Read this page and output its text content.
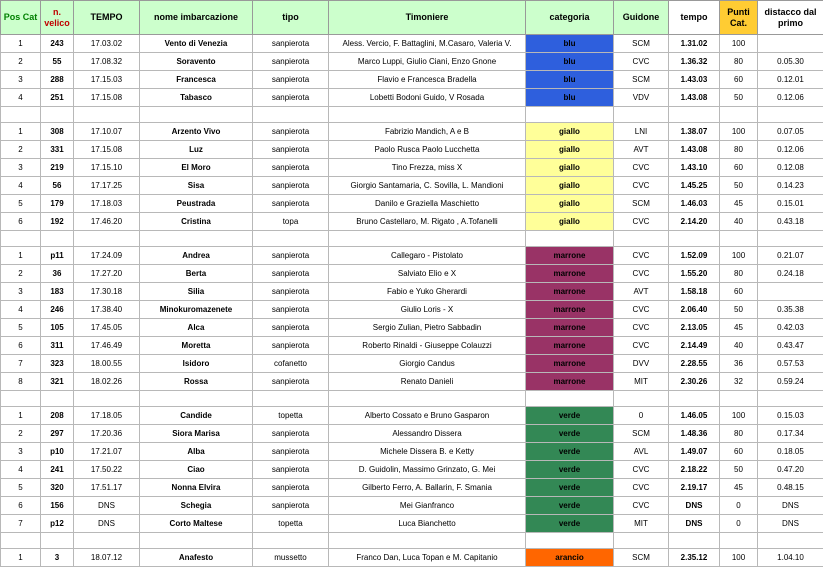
Pos Cat	n. velico	TEMPO	nome imbarcazione	tipo	Timoniere	categoria	Guidone	tempo	Punti Cat.	distacco dal primo
1	243	17.03.02	Vento di Venezia	sanpierota	Aless. Vercio, F. Battaglini, M.Casaro, Valeria V.	blu	SCM	1.31.02	100	
2	55	17.08.32	Soravento	sanpierota	Marco Luppi, Giulio Ciani, Enzo Gnone	blu	CVC	1.36.32	80	0.05.30
3	288	17.15.03	Francesca	sanpierota	Flavio e Francesca Bradella	blu	SCM	1.43.03	60	0.12.01
4	251	17.15.08	Tabasco	sanpierota	Lobetti Bodoni Guido, V Rosada	blu	VDV	1.43.08	50	0.12.06

1	308	17.10.07	Arzento Vivo	sanpierota	Fabrizio Mandich, A e B	giallo	LNI	1.38.07	100	0.07.05
2	331	17.15.08	Luz	sanpierota	Paolo Rusca Paolo Lucchetta	giallo	AVT	1.43.08	80	0.12.06
3	219	17.15.10	El Moro	sanpierota	Tino Frezza, miss X	giallo	CVC	1.43.10	60	0.12.08
4	56	17.17.25	Sisa	sanpierota	Giorgio Santamaria, C. Sovilla, L. Mandioni	giallo	CVC	1.45.25	50	0.14.23
5	179	17.18.03	Peustrada	sanpierota	Danilo e Graziella Maschietto	giallo	SCM	1.46.03	45	0.15.01
6	192	17.46.20	Cristina	topa	Bruno Castellaro, M. Rigato , A.Tofanelli	giallo	CVC	2.14.20	40	0.43.18

1	p11	17.24.09	Andrea	sanpierota	Callegaro - Pistolato	marrone	CVC	1.52.09	100	0.21.07
2	36	17.27.20	Berta	sanpierota	Salviato Elio e X	marrone	CVC	1.55.20	80	0.24.18
3	183	17.30.18	Silia	sanpierota	Fabio e Yuko Gherardi	marrone	AVT	1.58.18	60	
4	246	17.38.40	Minokuromazenete	sanpierota	Giulio Loris - X	marrone	CVC	2.06.40	50	0.35.38
5	105	17.45.05	Alca	sanpierota	Sergio Zulian, Pietro Sabbadin	marrone	CVC	2.13.05	45	0.42.03
6	311	17.46.49	Moretta	sanpierota	Roberto Rinaldi - Giuseppe Colauzzi	marrone	CVC	2.14.49	40	0.43.47
7	323	18.00.55	Isidoro	cofanetto	Giorgio Candus	marrone	DVV	2.28.55	36	0.57.53
8	321	18.02.26	Rossa	sanpierota	Renato Danieli	marrone	MIT	2.30.26	32	0.59.24

1	208	17.18.05	Candide	topetta	Alberto Cossato e Bruno Gasparon	verde	0	1.46.05	100	0.15.03
2	297	17.20.36	Siora Marisa	sanpierota	Alessandro Dissera	verde	SCM	1.48.36	80	0.17.34
3	p10	17.21.07	Alba	sanpierota	Michele Dissera B. e Ketty	verde	AVL	1.49.07	60	0.18.05
4	241	17.50.22	Ciao	sanpierota	D. Guidolin, Massimo Grinzato, G. Mei	verde	CVC	2.18.22	50	0.47.20
5	320	17.51.17	Nonna Elvira	sanpierota	Gilberto Ferro, A. Ballarin, F. Smania	verde	CVC	2.19.17	45	0.48.15
6	156	DNS	Schegia	sanpierota	Mei Gianfranco	verde	CVC	DNS	0	DNS
7	p12	DNS	Corto Maltese	topetta	Luca Bianchetto	verde	MIT	DNS	0	DNS

1	3	18.07.12	Anafesto	mussetto	Franco Dan, Luca Topan e M. Capitanio	arancio	SCM	2.35.12	100	1.04.10
